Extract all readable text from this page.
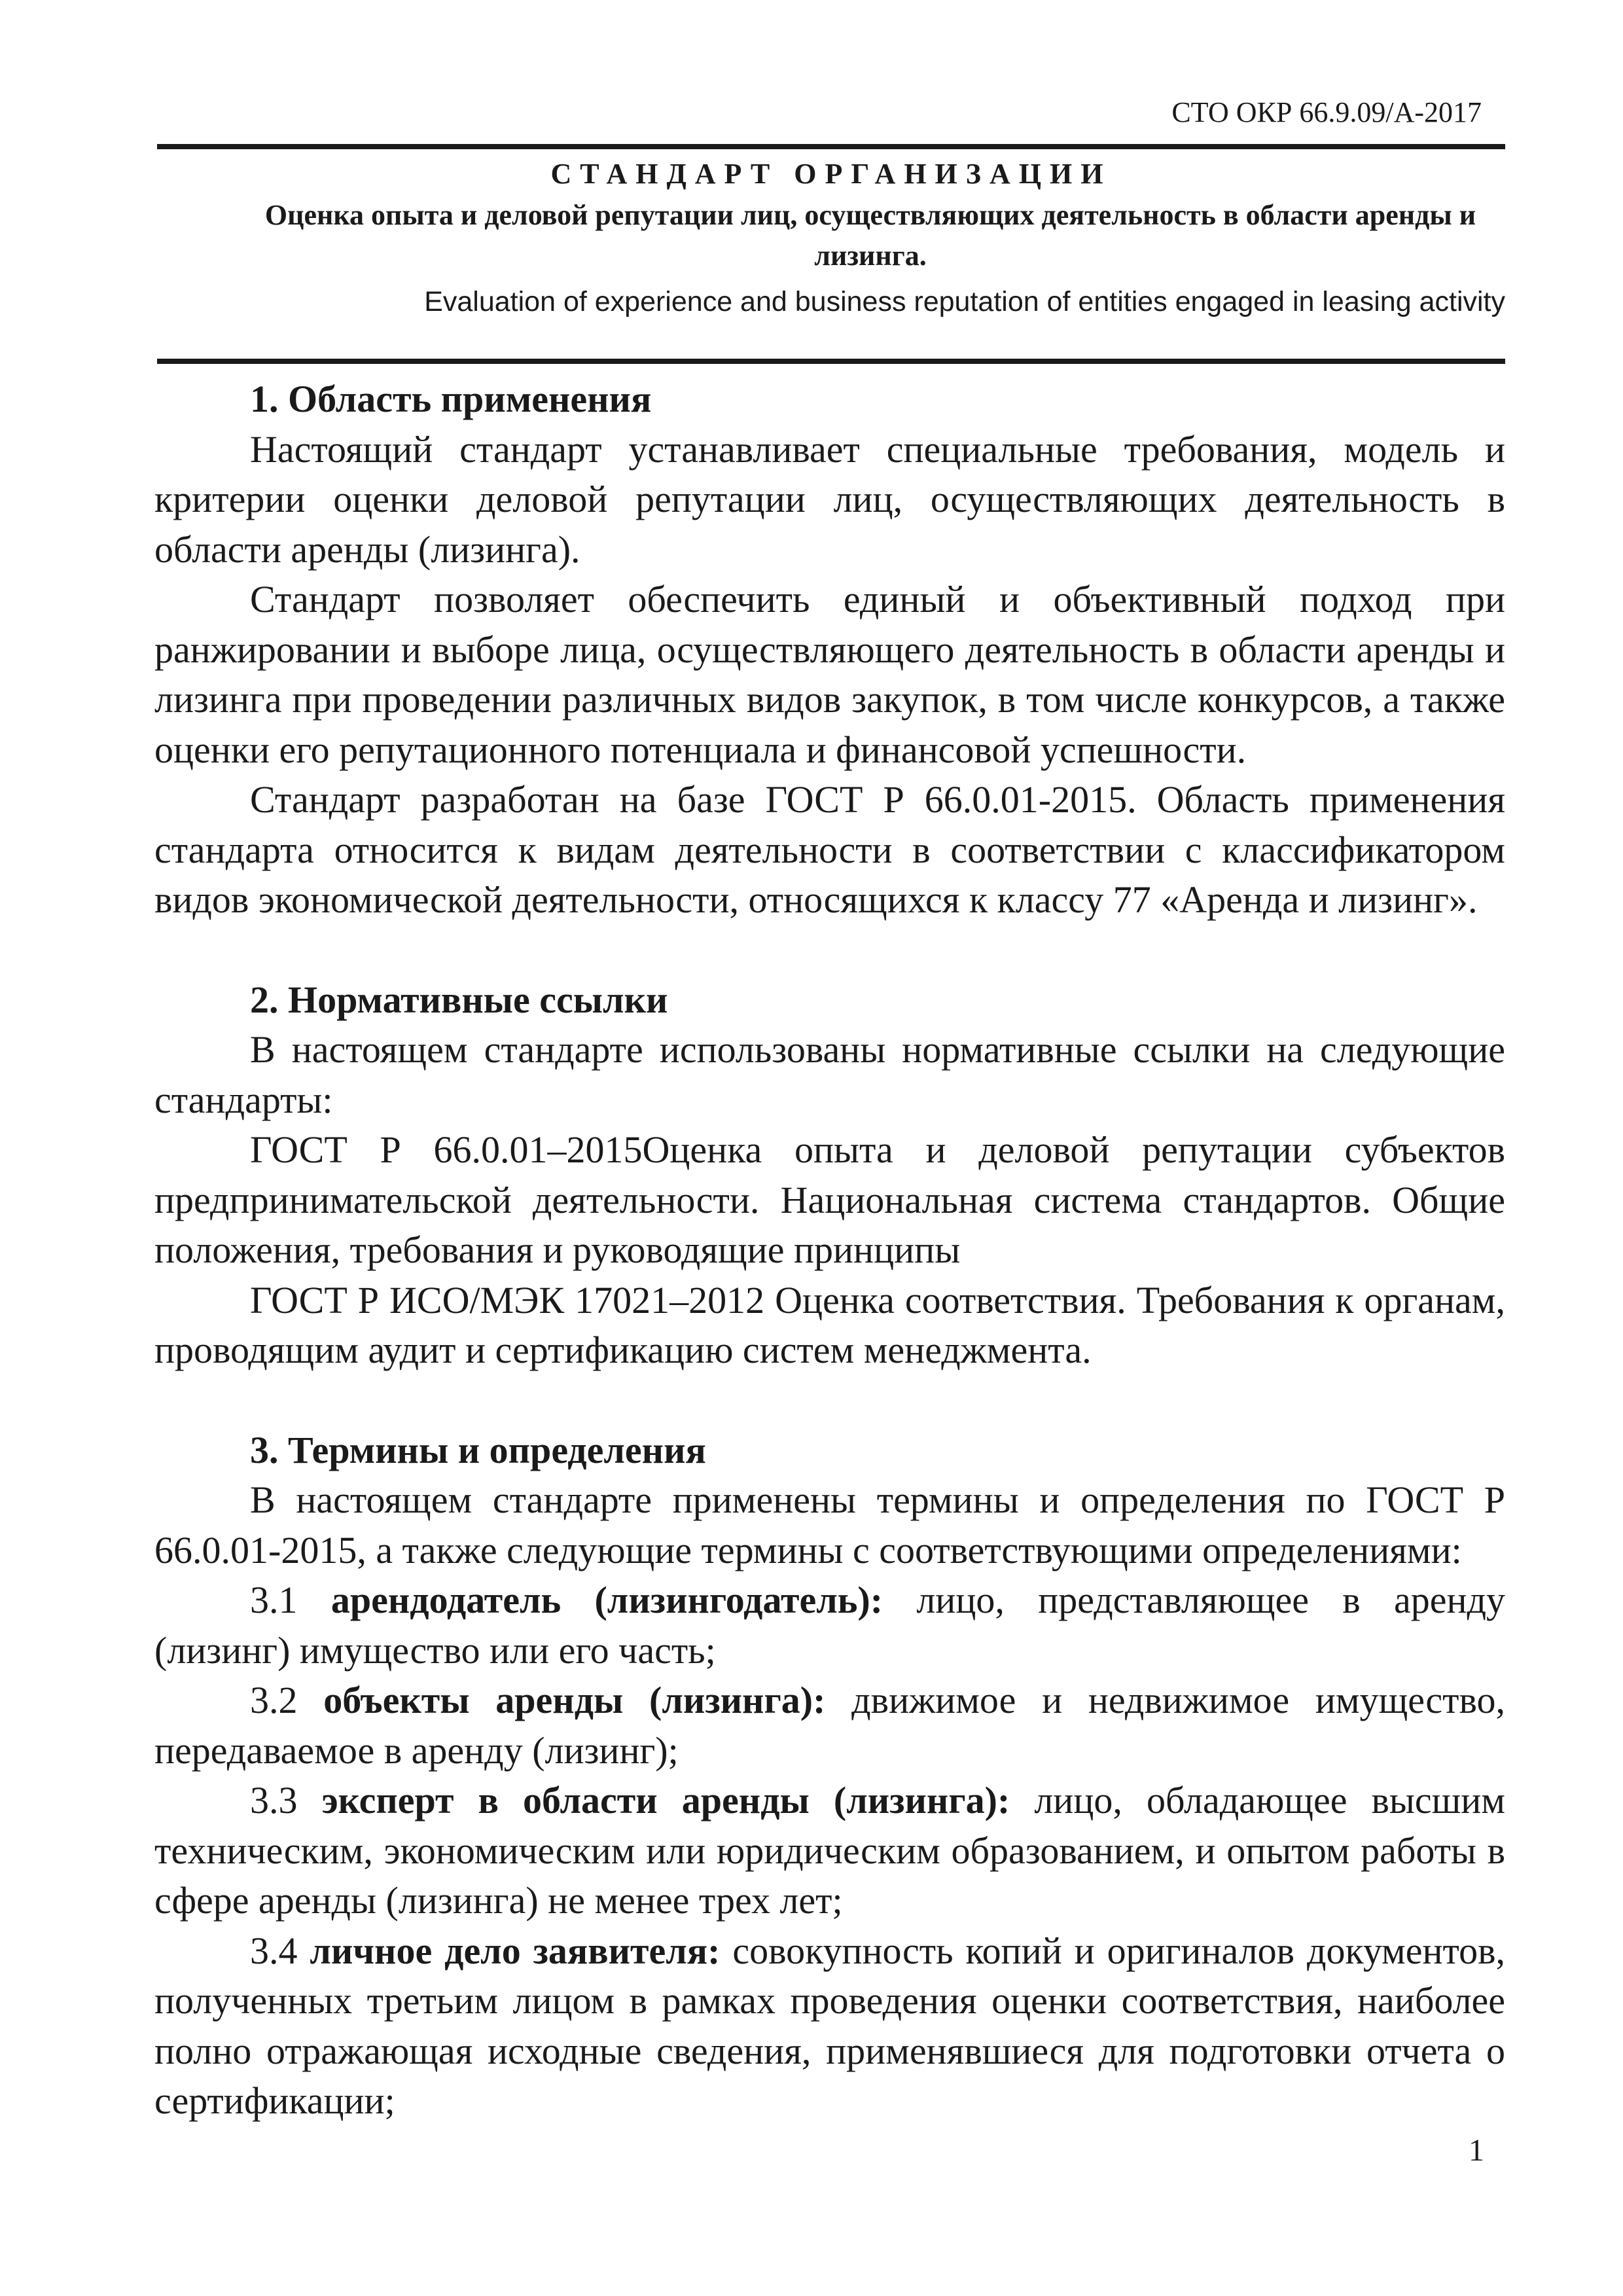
СТО ОКР 66.9.09/А-2017
СТАНДАРТ ОРГАНИЗАЦИИ
Оценка опыта и деловой репутации лиц, осуществляющих деятельность в области аренды и лизинга.
Evaluation of experience and business reputation of entities engaged in leasing activity
1. Область применения

Настоящий стандарт устанавливает специальные требования, модель и критерии оценки деловой репутации лиц, осуществляющих деятельность в области аренды (лизинга).

Стандарт позволяет обеспечить единый и объективный подход при ранжировании и выборе лица, осуществляющего деятельность в области аренды и лизинга при проведении различных видов закупок, в том числе конкурсов, а также оценки его репутационного потенциала и финансовой успешности.

Стандарт разработан на базе ГОСТ Р 66.0.01-2015. Область применения стандарта относится к видам деятельности в соответствии с классификатором видов экономической деятельности, относящихся к классу 77 «Аренда и лизинг».

2. Нормативные ссылки

В настоящем стандарте использованы нормативные ссылки на следующие стандарты:

ГОСТ Р 66.0.01–2015Оценка опыта и деловой репутации субъектов предпринимательской деятельности. Национальная система стандартов. Общие положения, требования и руководящие принципы

ГОСТ Р ИСО/МЭК 17021–2012 Оценка соответствия. Требования к органам, проводящим аудит и сертификацию систем менеджмента.

3. Термины и определения

В настоящем стандарте применены термины и определения по ГОСТ Р 66.0.01-2015, а также следующие термины с соответствующими определениями:

3.1 арендодатель (лизингодатель): лицо, представляющее в аренду (лизинг) имущество или его часть;

3.2 объекты аренды (лизинга): движимое и недвижимое имущество, передаваемое в аренду (лизинг);

3.3 эксперт в области аренды (лизинга): лицо, обладающее высшим техническим, экономическим или юридическим образованием, и опытом работы в сфере аренды (лизинга) не менее трех лет;

3.4 личное дело заявителя: совокупность копий и оригиналов документов, полученных третьим лицом в рамках проведения оценки соответствия, наиболее полно отражающая исходные сведения, применявшиеся для подготовки отчета о сертификации;

1
